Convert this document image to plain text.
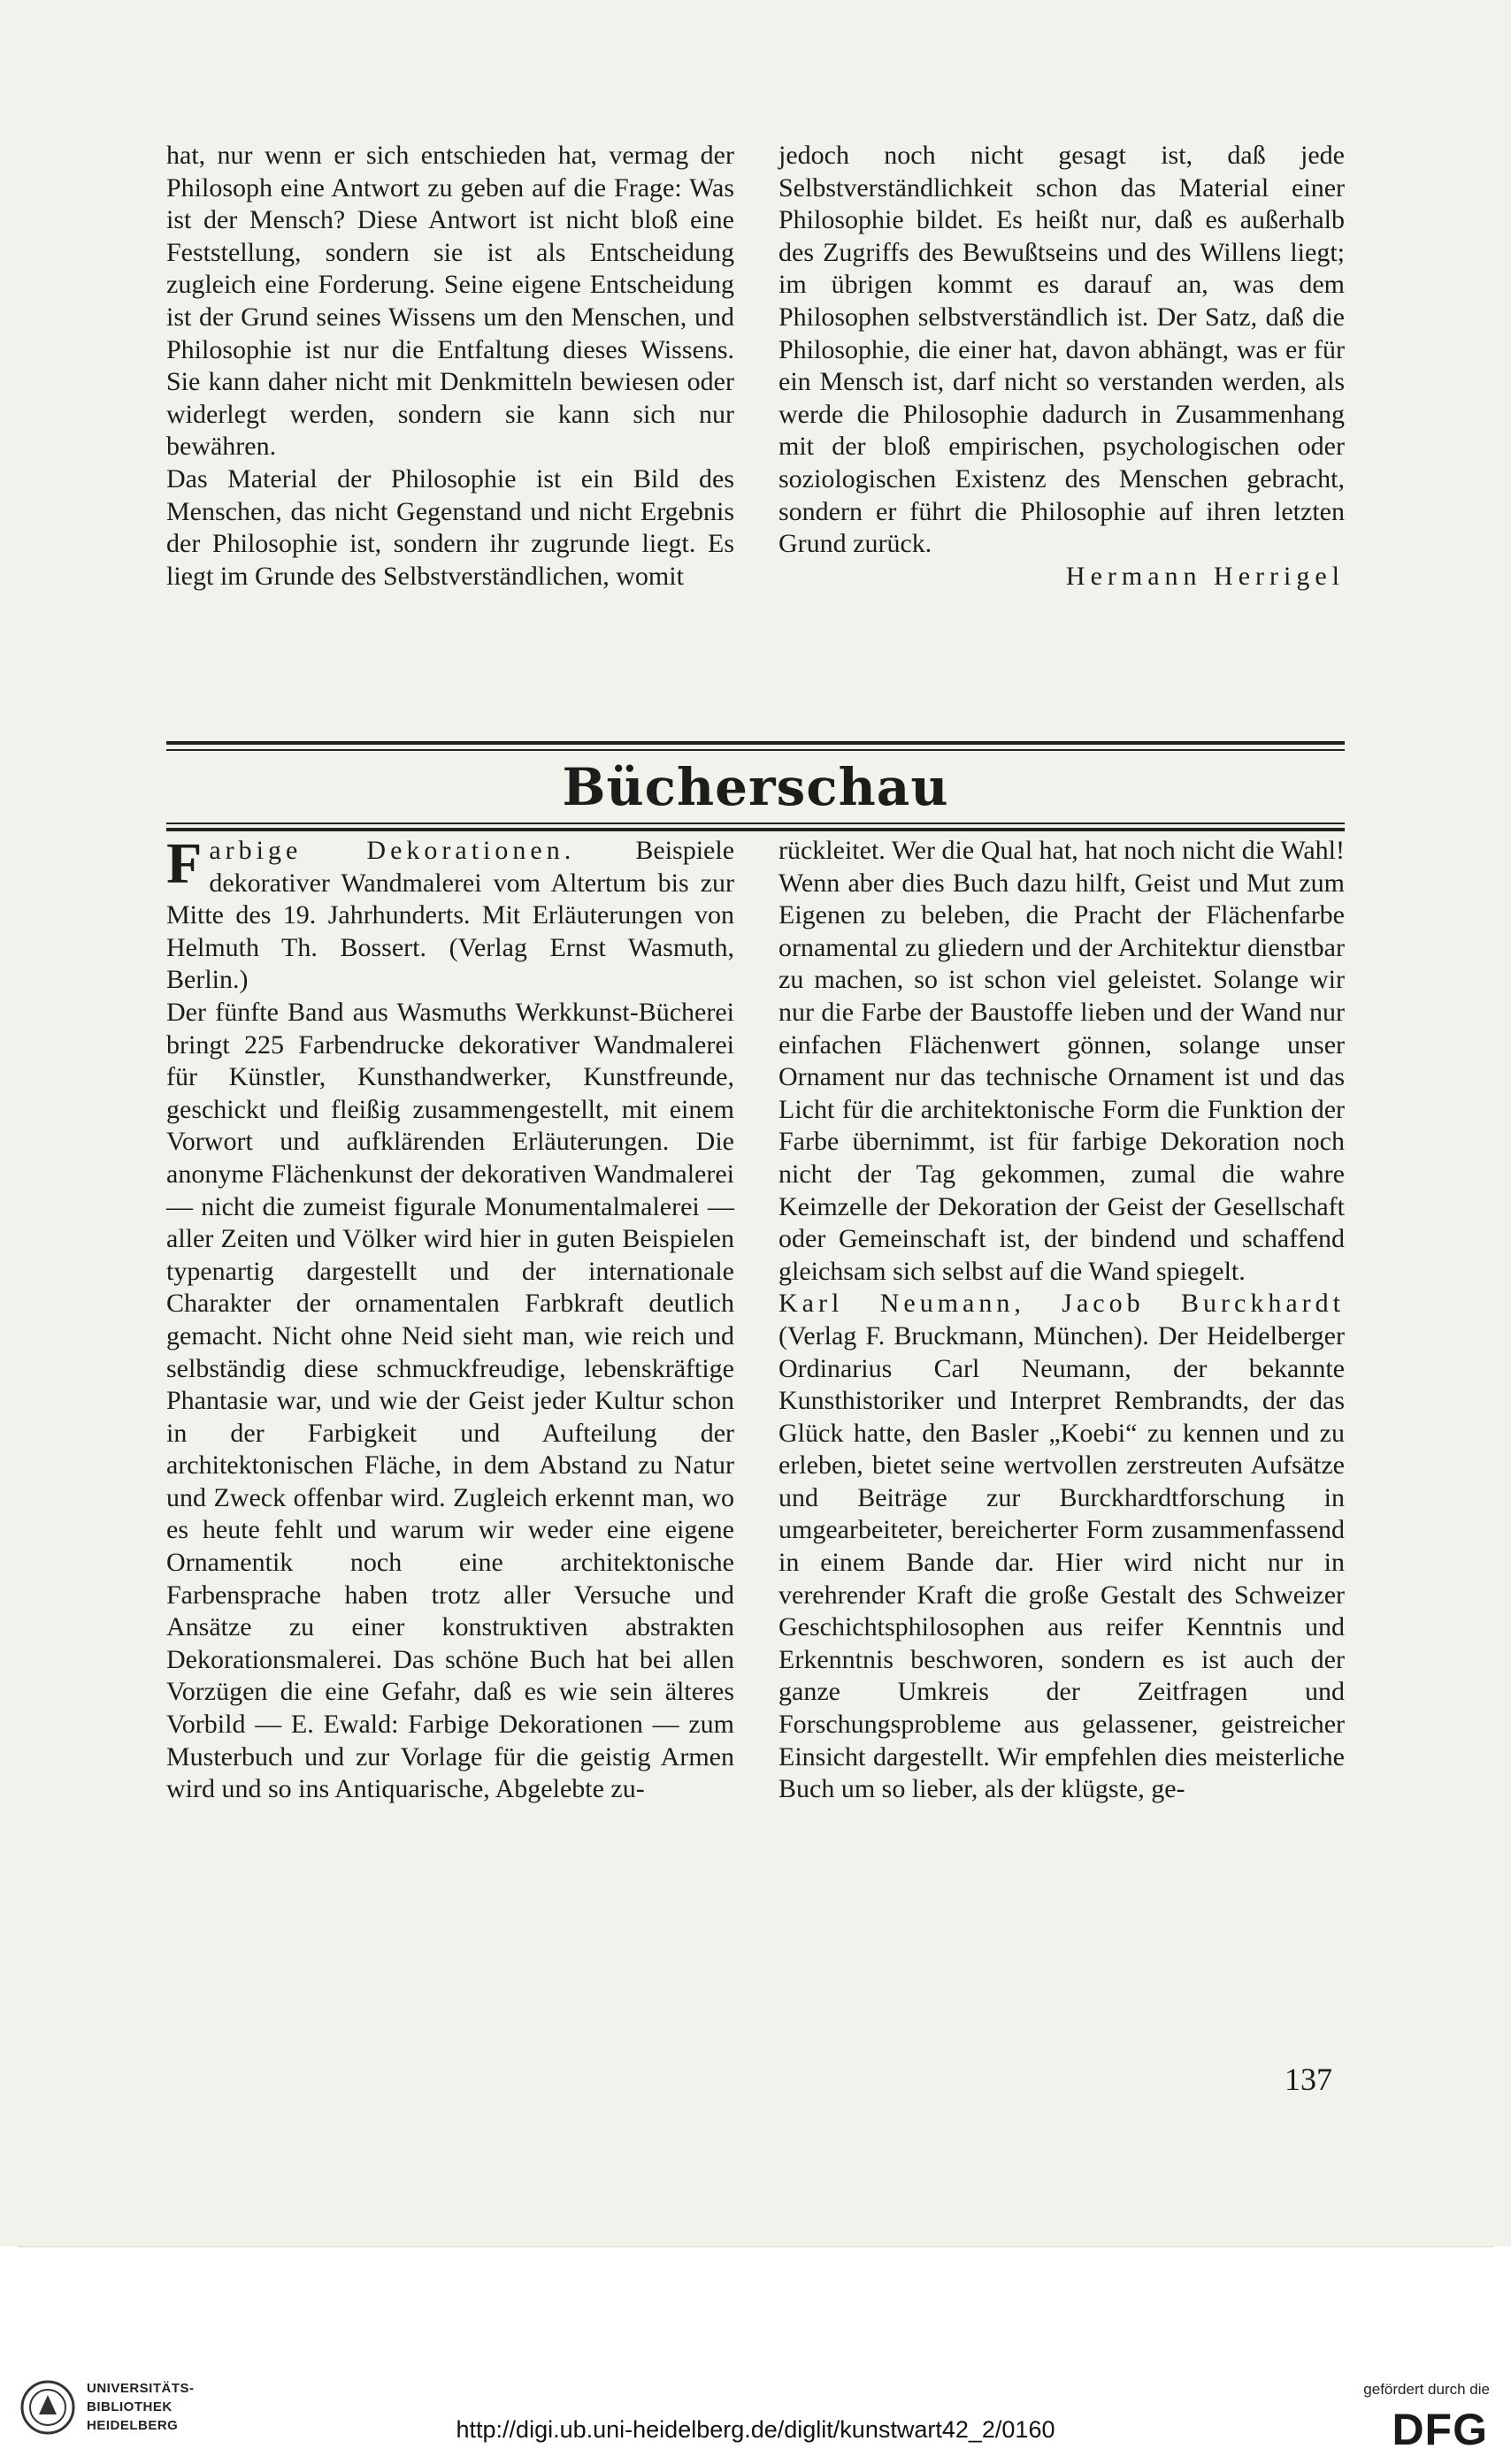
hat, nur wenn er sich entschieden hat, vermag der Philosoph eine Antwort zu geben auf die Frage: Was ist der Mensch? Diese Antwort ist nicht bloß eine Feststellung, sondern sie ist als Entscheidung zugleich eine Forderung. Seine eigene Entscheidung ist der Grund seines Wissens um den Menschen, und Philosophie ist nur die Entfaltung dieses Wissens. Sie kann daher nicht mit Denkmitteln bewiesen oder widerlegt werden, sondern sie kann sich nur bewähren.

Das Material der Philosophie ist ein Bild des Menschen, das nicht Gegenstand und nicht Ergebnis der Philosophie ist, sondern ihr zugrunde liegt. Es liegt im Grunde des Selbstverständlichen, womit

jedoch noch nicht gesagt ist, daß jede Selbstverständlichkeit schon das Material einer Philosophie bildet. Es heißt nur, daß es außerhalb des Zugriffs des Bewußtseins und des Willens liegt; im übrigen kommt es darauf an, was dem Philosophen selbstverständlich ist. Der Satz, daß die Philosophie, die einer hat, davon abhängt, was er für ein Mensch ist, darf nicht so verstanden werden, als werde die Philosophie dadurch in Zusammenhang mit der bloß empirischen, psychologischen oder soziologischen Existenz des Menschen gebracht, sondern er führt die Philosophie auf ihren letzten Grund zurück.

Hermann Herrigel

Bücherschau

Farbige Dekorationen. Beispiele dekorativer Wandmalerei vom Altertum bis zur Mitte des 19. Jahrhunderts. Mit Erläuterungen von Helmuth Th. Bossert. (Verlag Ernst Wasmuth, Berlin.)

Der fünfte Band aus Wasmuths Werkkunst-Bücherei bringt 225 Farbendrucke dekorativer Wandmalerei für Künstler, Kunsthandwerker, Kunstfreunde, geschickt und fleißig zusammengestellt, mit einem Vorwort und aufklärenden Erläuterungen. Die anonyme Flächenkunst der dekorativen Wandmalerei — nicht die zumeist figurale Monumentalmalerei — aller Zeiten und Völker wird hier in guten Beispielen typenartig dargestellt und der internationale Charakter der ornamentalen Farbkraft deutlich gemacht. Nicht ohne Neid sieht man, wie reich und selbständig diese schmuckfreudige, lebenskräftige Phantasie war, und wie der Geist jeder Kultur schon in der Farbigkeit und Aufteilung der architektonischen Fläche, in dem Abstand zu Natur und Zweck offenbar wird. Zugleich erkennt man, wo es heute fehlt und warum wir weder eine eigene Ornamentik noch eine architektonische Farbensprache haben trotz aller Versuche und Ansätze zu einer konstruktiven abstrakten Dekorationsmalerei. Das schöne Buch hat bei allen Vorzügen die eine Gefahr, daß es wie sein älteres Vorbild — E. Ewald: Farbige Dekorationen — zum Musterbuch und zur Vorlage für die geistig Armen wird und so ins Antiquarische, Abgelebte zu-

rückleitet. Wer die Qual hat, hat noch nicht die Wahl! Wenn aber dies Buch dazu hilft, Geist und Mut zum Eigenen zu beleben, die Pracht der Flächenfarbe ornamental zu gliedern und der Architektur dienstbar zu machen, so ist schon viel geleistet. Solange wir nur die Farbe der Baustoffe lieben und der Wand nur einfachen Flächenwert gönnen, solange unser Ornament nur das technische Ornament ist und das Licht für die architektonische Form die Funktion der Farbe übernimmt, ist für farbige Dekoration noch nicht der Tag gekommen, zumal die wahre Keimzelle der Dekoration der Geist der Gesellschaft oder Gemeinschaft ist, der bindend und schaffend gleichsam sich selbst auf die Wand spiegelt.

Karl Neumann, Jacob Burckhardt (Verlag F. Bruckmann, München). Der Heidelberger Ordinarius Carl Neumann, der bekannte Kunsthistoriker und Interpret Rembrandts, der das Glück hatte, den Basler „Koebi“ zu kennen und zu erleben, bietet seine wertvollen zerstreuten Aufsätze und Beiträge zur Burckhardtforschung in umgearbeiteter, bereicherter Form zusammenfassend in einem Bande dar. Hier wird nicht nur in verehrender Kraft die große Gestalt des Schweizer Geschichtsphilosophen aus reifer Kenntnis und Erkenntnis beschworen, sondern es ist auch der ganze Umkreis der Zeitfragen und Forschungsprobleme aus gelassener, geistreicher Einsicht dargestellt. Wir empfehlen dies meisterliche Buch um so lieber, als der klügste, ge-

137
UNIVERSITÄTS-
BIBLIOTHEK
HEIDELBERG	http://digi.ub.uni-heidelberg.de/diglit/kunstwart42_2/0160
gefördert durch die
DFG
